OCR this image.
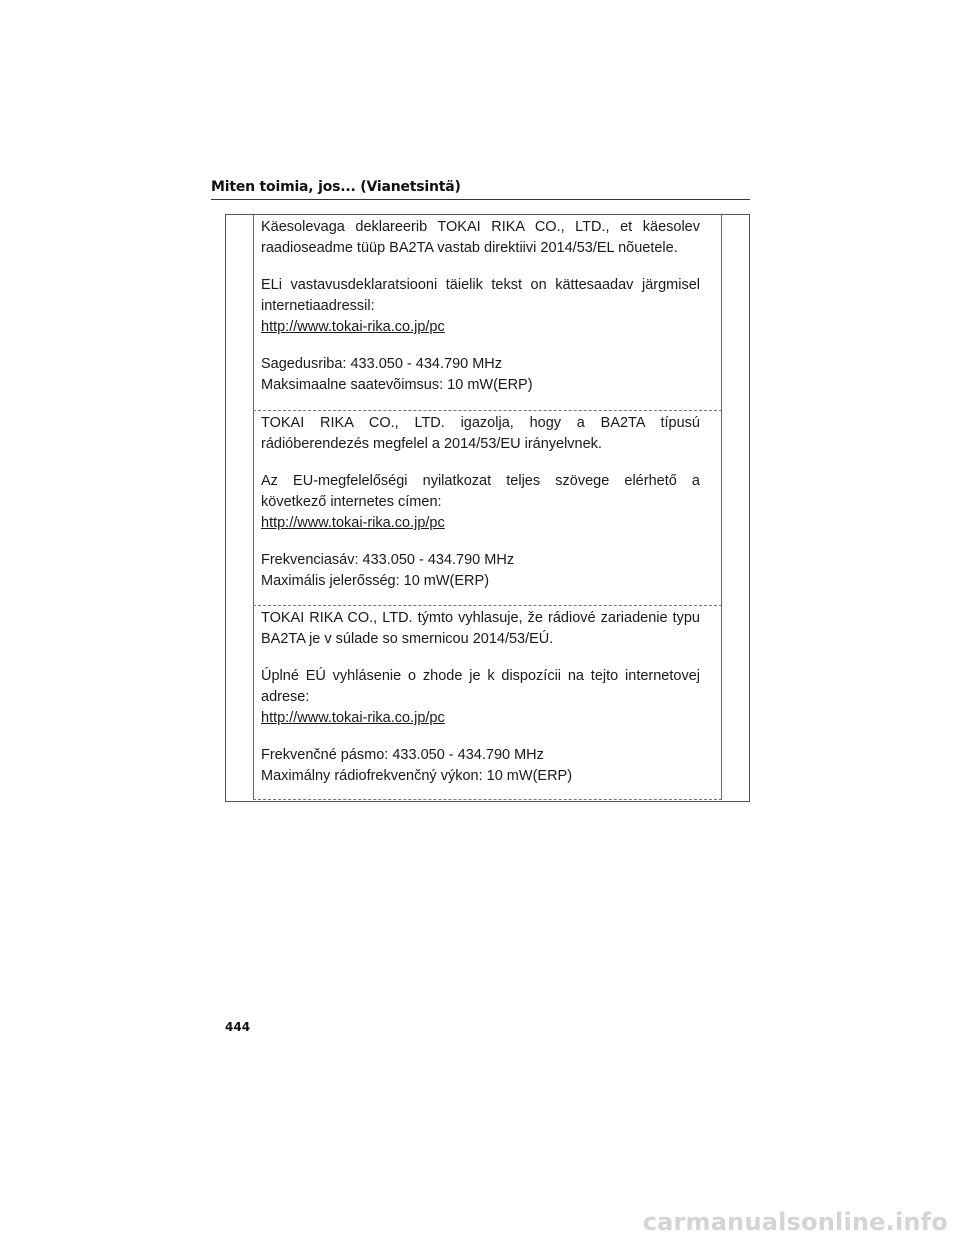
Miten toimia, jos... (Vianetsintä)

Käesolevaga deklareerib TOKAI RIKA CO., LTD., et käesolev raadioseadme tüüp BA2TA vastab direktiivi 2014/53/EL nõuetele.

ELi vastavusdeklaratsiooni täielik tekst on kättesaadav järgmisel internetiaadressil:

http://www.tokai-rika.co.jp/pc

Sagedusriba: 433.050 - 434.790 MHz
Maksimaalne saatevõimsus: 10 mW(ERP)

TOKAI RIKA CO., LTD. igazolja, hogy a BA2TA típusú rádióberendezés megfelel a 2014/53/EU irányelvnek.

Az EU-megfelelőségi nyilatkozat teljes szövege elérhető a következő internetes címen:

http://www.tokai-rika.co.jp/pc

Frekvenciasáv: 433.050 - 434.790 MHz
Maximális jelerősség: 10 mW(ERP)

TOKAI RIKA CO., LTD. týmto vyhlasuje, že rádiové zariadenie typu BA2TA je v súlade so smernicou 2014/53/EÚ.

Úplné EÚ vyhlásenie o zhode je k dispozícii na tejto internetovej adrese:

http://www.tokai-rika.co.jp/pc

Frekvenčné pásmo: 433.050 - 434.790 MHz
Maximálny rádiofrekvenčný výkon: 10 mW(ERP)
444
carmanualsonline.info
